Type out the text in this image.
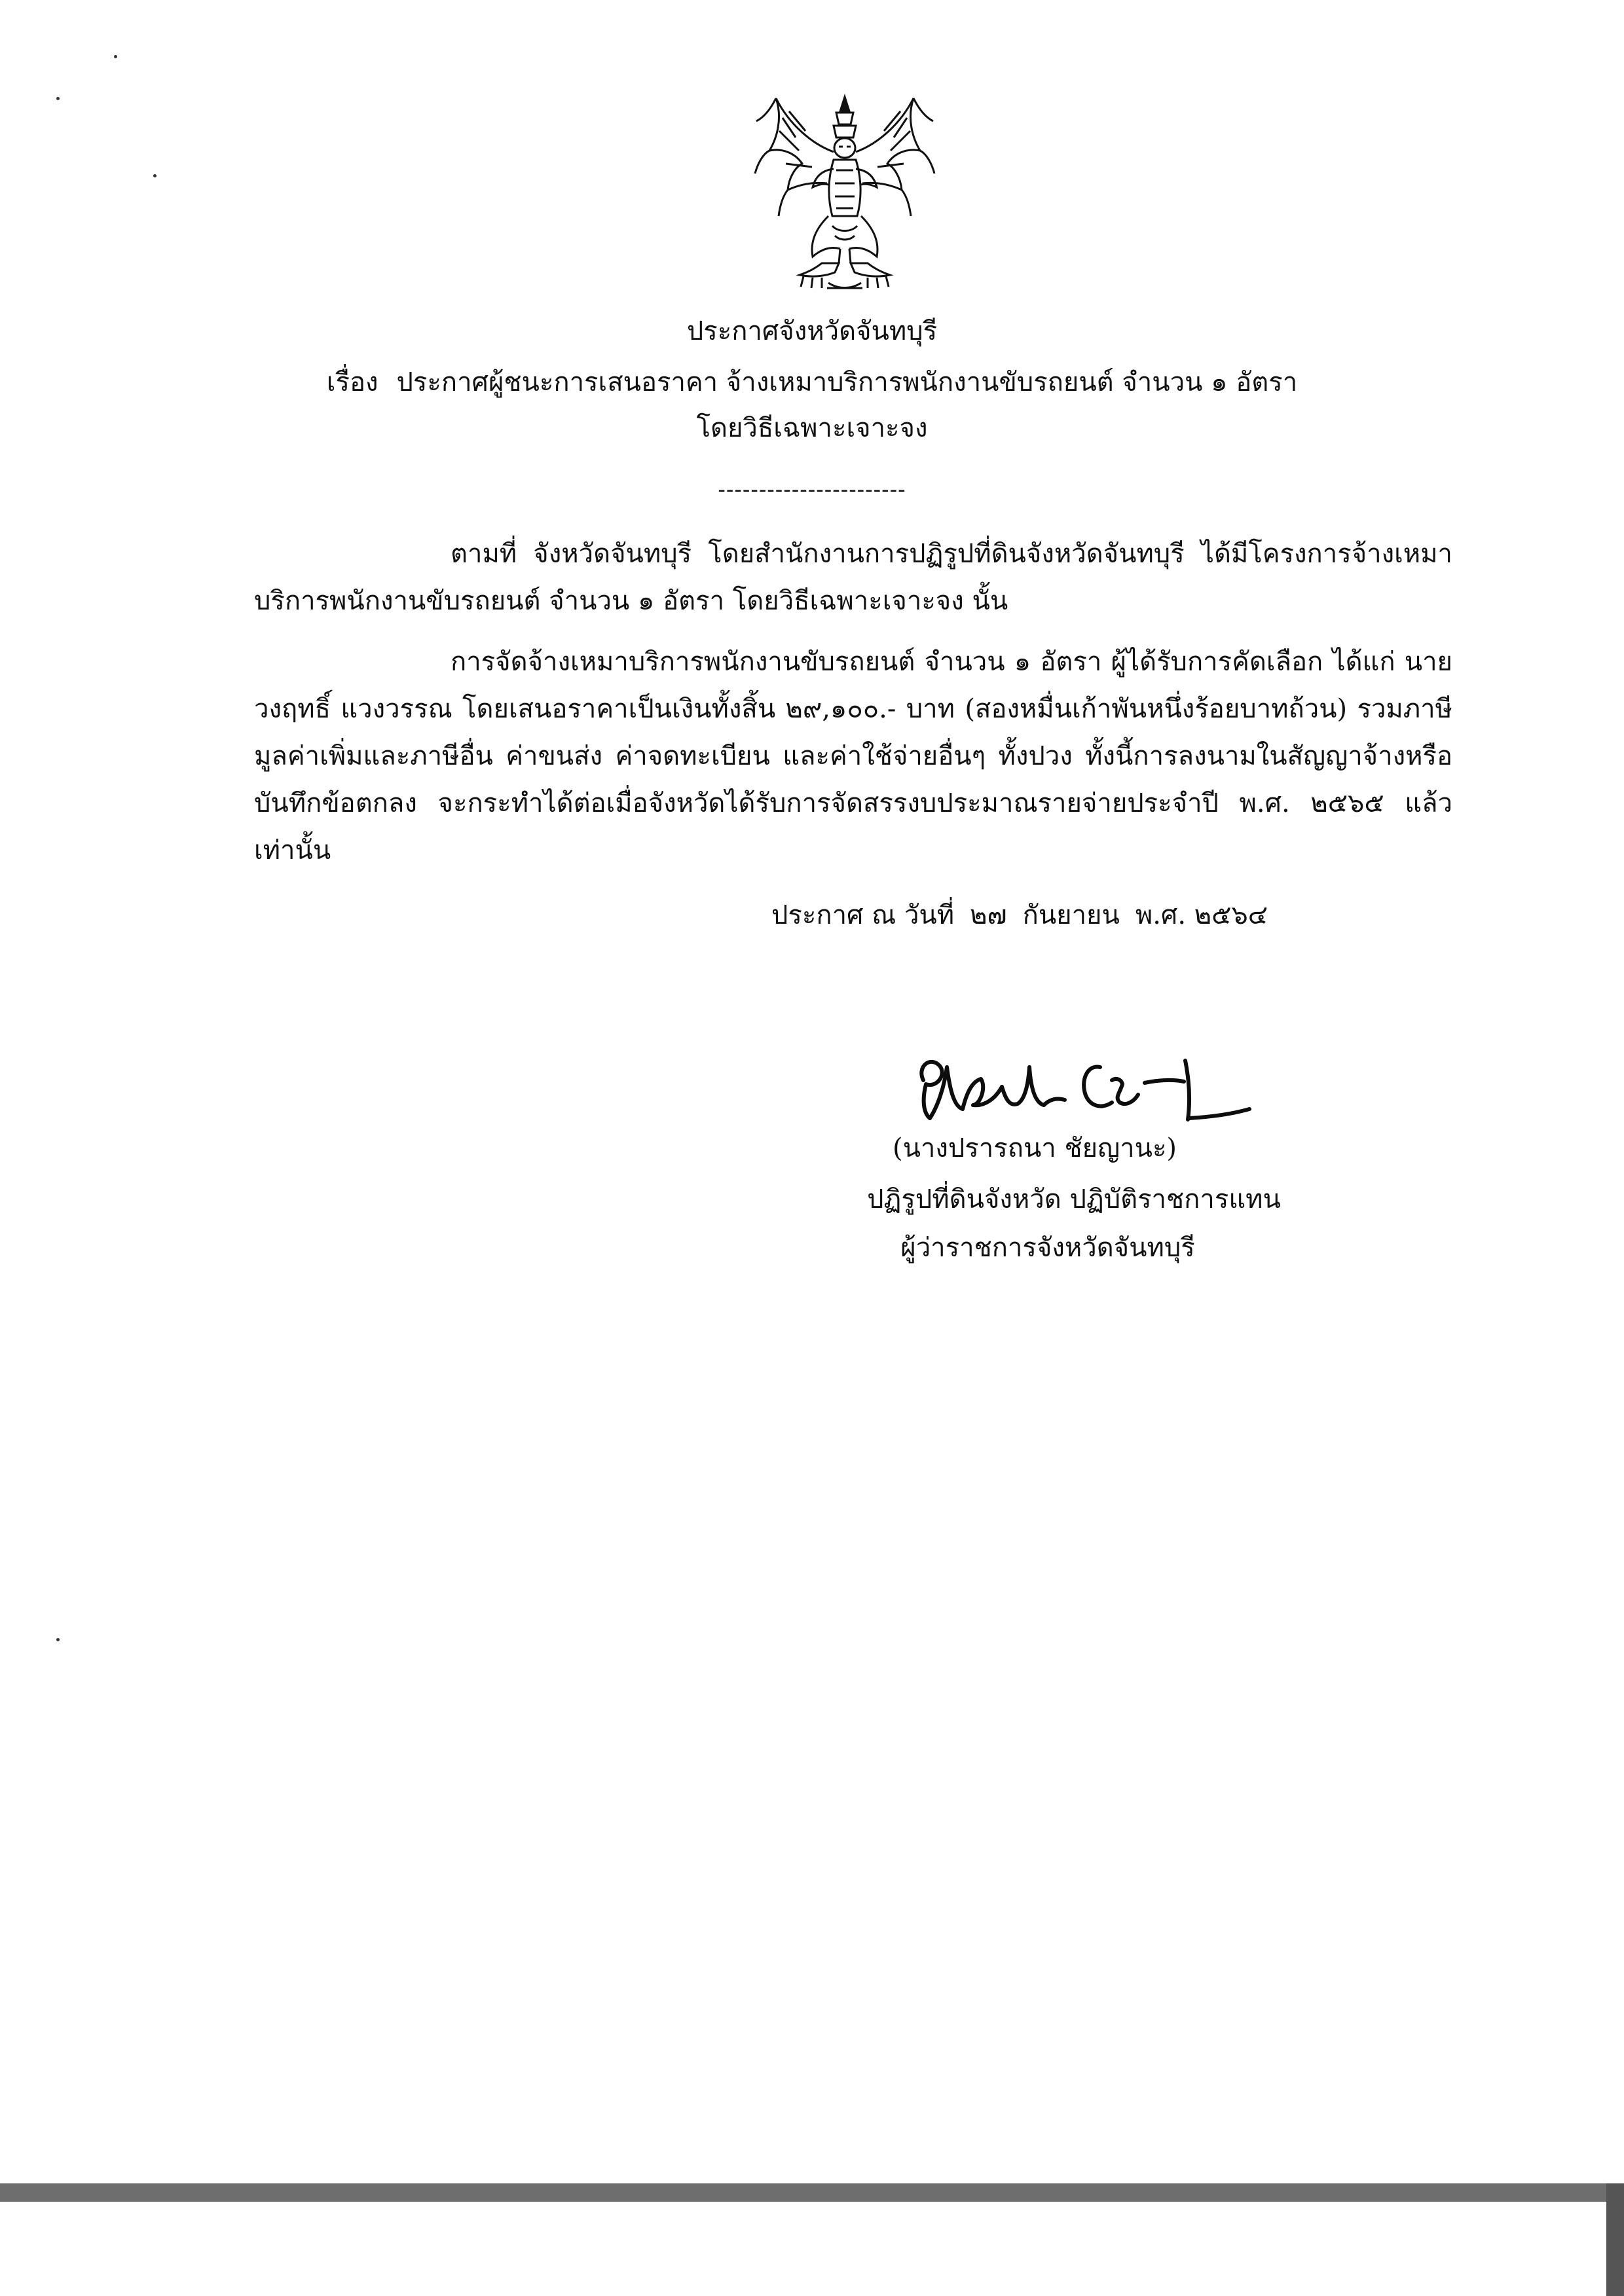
ประกาศจังหวัดจันทบุรี
เรื่อง ประกาศผู้ชนะการเสนอราคา จ้างเหมาบริการพนักงานขับรถยนต์ จำนวน ๑ อัตรา
โดยวิธีเฉพาะเจาะจง
-----------------------
ตามที่ จังหวัดจันทบุรี โดยสำนักงานการปฏิรูปที่ดินจังหวัดจันทบุรี ได้มีโครงการจ้างเหมาบริการพนักงานขับรถยนต์ จำนวน ๑ อัตรา โดยวิธีเฉพาะเจาะจง นั้น
การจัดจ้างเหมาบริการพนักงานขับรถยนต์ จำนวน ๑ อัตรา ผู้ได้รับการคัดเลือก ได้แก่ นายวงฤทธิ์ แวงวรรณ โดยเสนอราคาเป็นเงินทั้งสิ้น ๒๙,๑๐๐.- บาท (สองหมื่นเก้าพันหนึ่งร้อยบาทถ้วน) รวมภาษีมูลค่าเพิ่มและภาษีอื่น ค่าขนส่ง ค่าจดทะเบียน และค่าใช้จ่ายอื่นๆ ทั้งปวง ทั้งนี้การลงนามในสัญญาจ้างหรือบันทึกข้อตกลง จะกระทำได้ต่อเมื่อจังหวัดได้รับการจัดสรรงบประมาณรายจ่ายประจำปี พ.ศ. ๒๕๖๕ แล้วเท่านั้น
ประกาศ ณ วันที่ ๒๗ กันยายน พ.ศ. ๒๕๖๔
(นางปรารถนา ชัยญานะ)
ปฏิรูปที่ดินจังหวัด ปฏิบัติราชการแทน
ผู้ว่าราชการจังหวัดจันทบุรี
